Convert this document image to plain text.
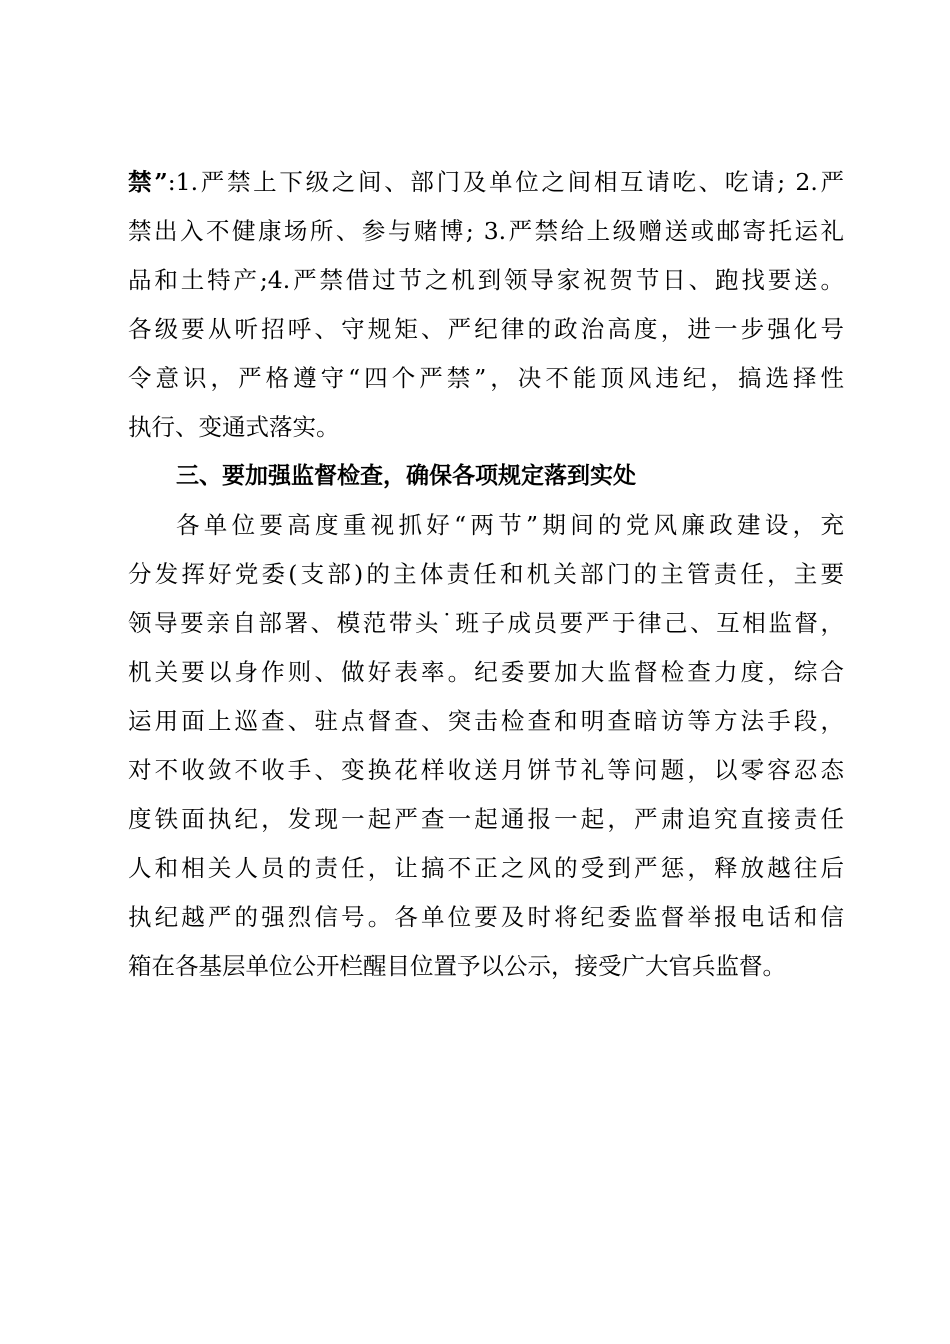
禁”:1.严禁上下级之间、部门及单位之间相互请吃、吃请; 2.严
禁出入不健康场所、参与赌博; 3.严禁给上级赠送或邮寄托运礼
品和土特产;4.严禁借过节之机到领导家祝贺节日、跑找要送。
各级要从听招呼、守规矩、严纪律的政治高度，进一步强化号
令意识，严格遵守“四个严禁”，决不能顶风违纪，搞选择性
执行、变通式落实。
三、要加强监督检查，确保各项规定落到实处
各单位要高度重视抓好“两节”期间的党风廉政建设，充
分发挥好党委(支部)的主体责任和机关部门的主管责任，主要
领导要亲自部署、模范带头˙班子成员要严于律己、互相监督，
机关要以身作则、做好表率。纪委要加大监督检查力度，综合
运用面上巡查、驻点督查、突击检查和明查暗访等方法手段，
对不收敛不收手、变换花样收送月饼节礼等问题，以零容忍态
度铁面执纪，发现一起严查一起通报一起，严肃追究直接责任
人和相关人员的责任，让搞不正之风的受到严惩，释放越往后
执纪越严的强烈信号。各单位要及时将纪委监督举报电话和信
箱在各基层单位公开栏醒目位置予以公示，接受广大官兵监督。
